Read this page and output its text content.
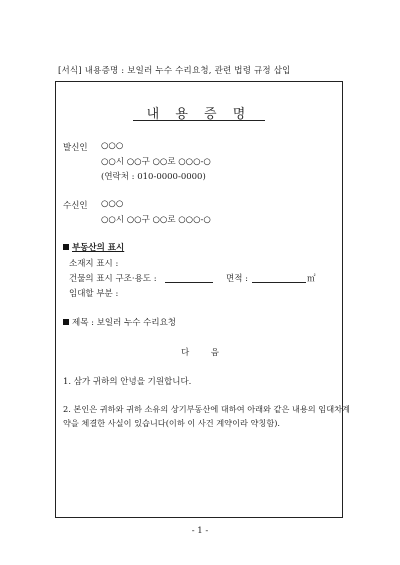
[서식] 내용증명 : 보일러 누수 수리요청, 관련 법령 규정 삽입
내 용 증 명
발신인 ○○○
○○시 ○○구 ○○로 ○○○-○
(연락처 : 010-0000-0000)
수신인 ○○○
○○시 ○○구 ○○로 ○○○-○
부동산의 표시
소재지 표시 :
건물의 표시 구조·용도 :	면적 :	㎡
임대할 부분 :
제목 : 보일러 누수 수리요청
다        음
1. 삼가 귀하의 안녕을 기원합니다.
2. 본인은 귀하와 귀하 소유의 상기부동산에 대하여 아래와 같은 내용의 임대차계
약을 체결한 사실이 있습니다(이하 이 사건 계약이라 약칭함).
- 1 -
